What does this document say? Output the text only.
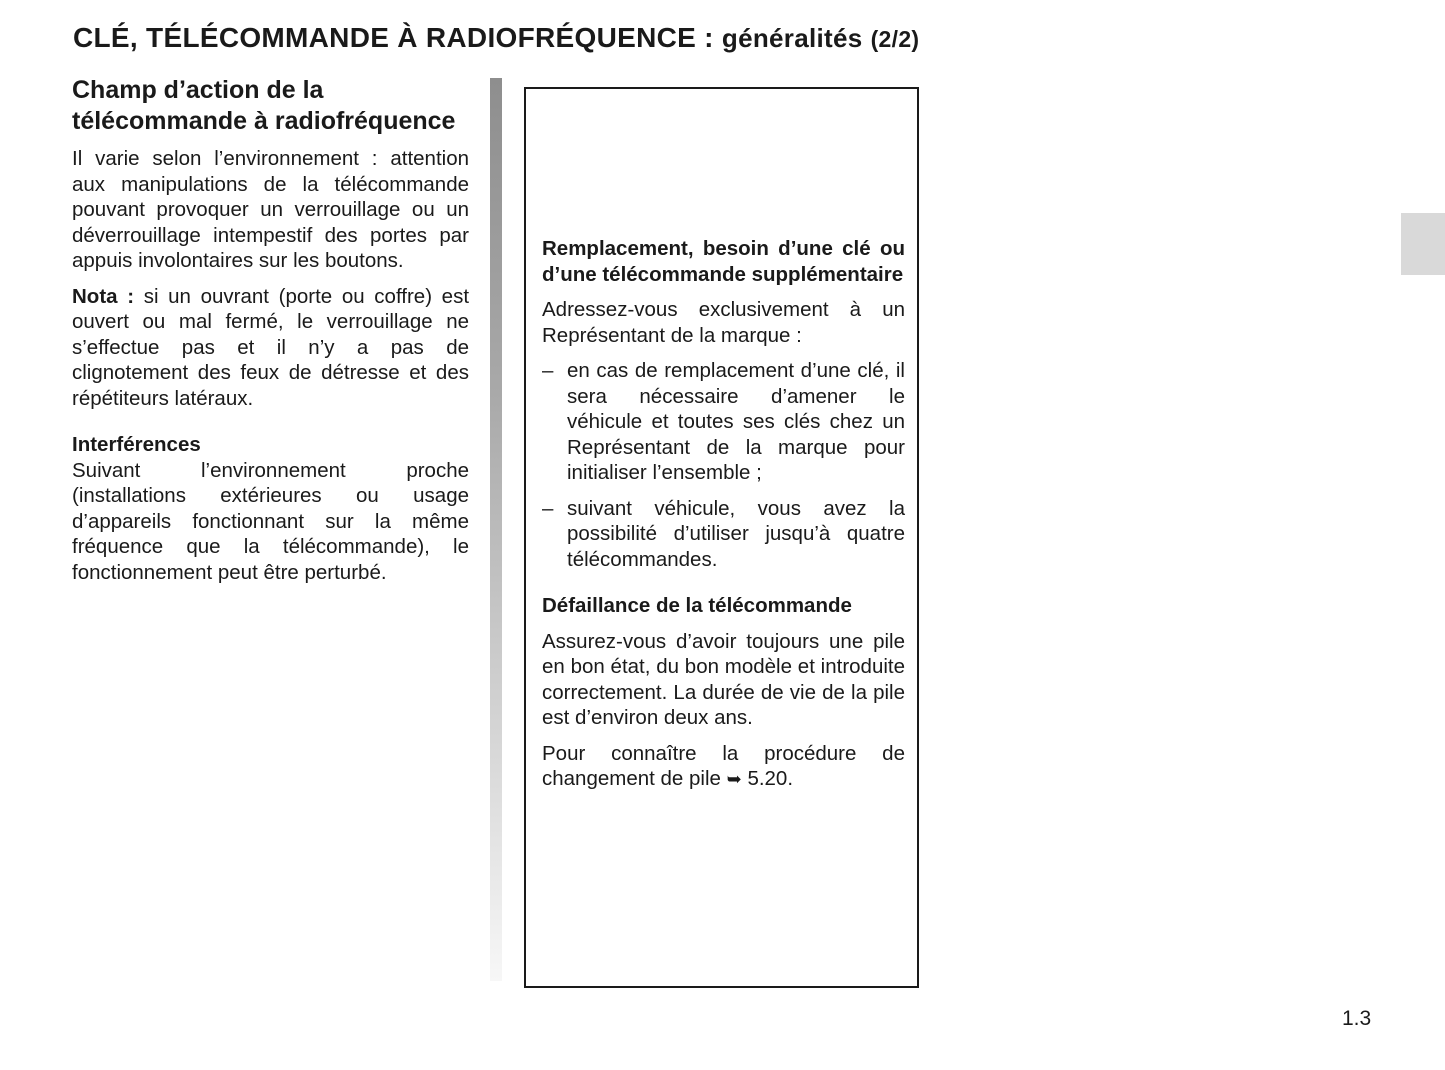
CLÉ, TÉLÉCOMMANDE À RADIOFRÉQUENCE : généralités (2/2)
Champ d’action de la télécommande à radiofréquence

Il varie selon l’environnement : attention aux manipulations de la télécommande pouvant provoquer un verrouillage ou un déverrouillage intempestif des portes par appuis involontaires sur les boutons.

Nota : si un ouvrant (porte ou coffre) est ouvert ou mal fermé, le verrouillage ne s’effectue pas et il n’y a pas de clignotement des feux de détresse et des répétiteurs latéraux.

Interférences

Suivant l’environnement proche (installations extérieures ou usage d’appareils fonctionnant sur la même fréquence que la télécommande), le fonctionnement peut être perturbé.

Remplacement, besoin d’une clé ou d’une télécommande supplémentaire

Adressez-vous exclusivement à un Représentant de la marque :

– en cas de remplacement d’une clé, il sera nécessaire d’amener le véhicule et toutes ses clés chez un Représentant de la marque pour initialiser l’ensemble ;
– suivant véhicule, vous avez la possibilité d’utiliser jusqu’à quatre télécommandes.
Défaillance de la télécommande

Assurez-vous d’avoir toujours une pile en bon état, du bon modèle et introduite correctement. La durée de vie de la pile est d’environ deux ans.

Pour connaître la procédure de changement de pile ➥ 5.20.

1.3
